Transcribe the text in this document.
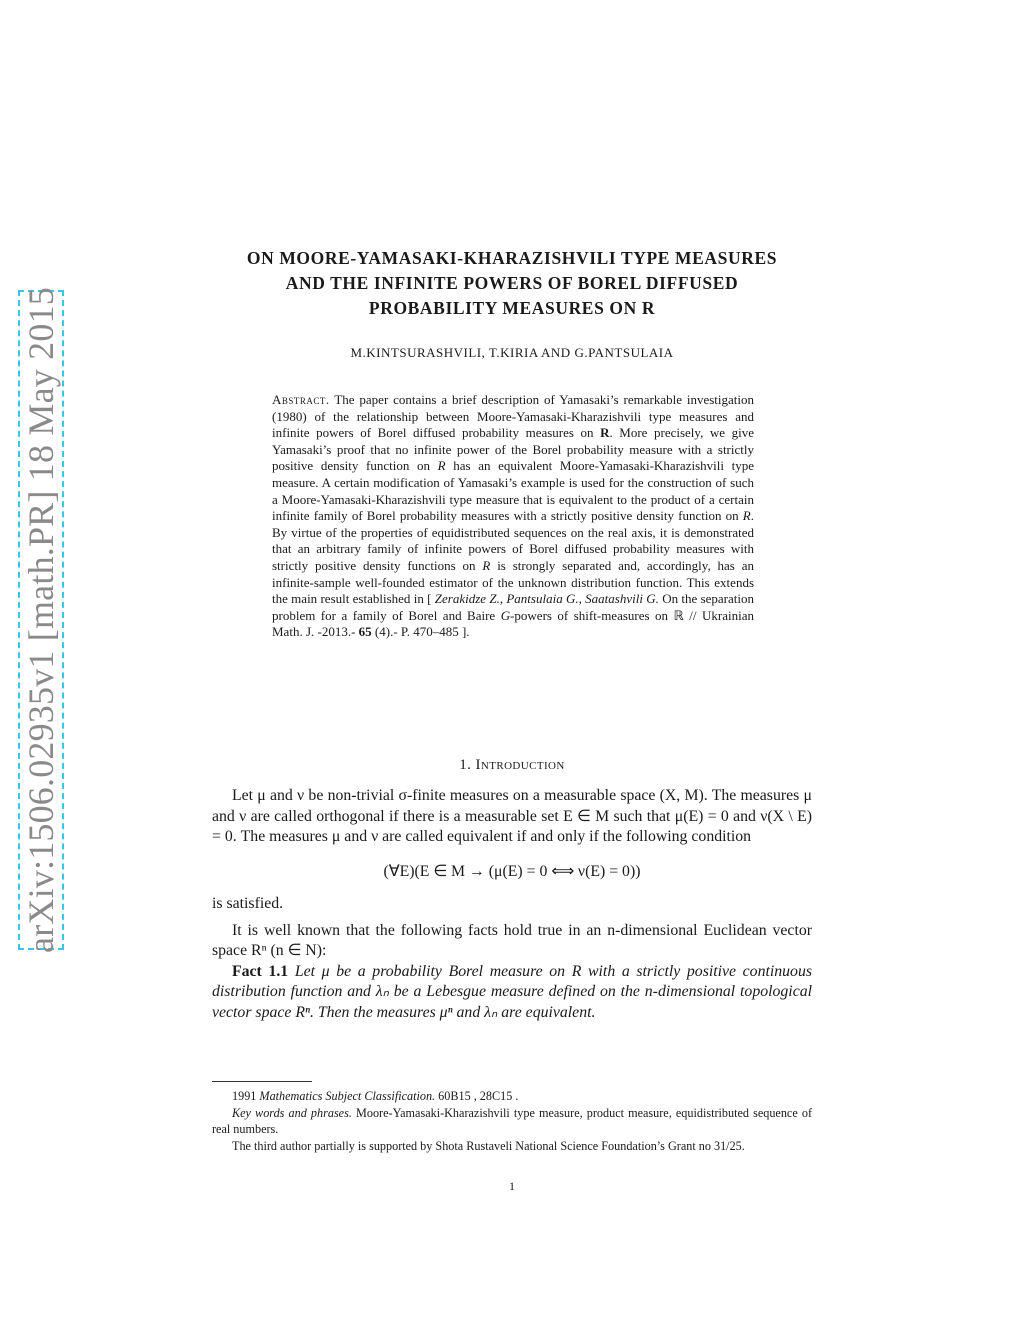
arXiv:1506.02935v1 [math.PR] 18 May 2015
ON MOORE-YAMASAKI-KHARAZISHVILI TYPE MEASURES
AND THE INFINITE POWERS OF BOREL DIFFUSED
PROBABILITY MEASURES ON R
M.KINTSURASHVILI, T.KIRIA AND G.PANTSULAIA
Abstract. The paper contains a brief description of Yamasaki’s remarkable investigation (1980) of the relationship between Moore-Yamasaki-Kharazishvili type measures and infinite powers of Borel diffused probability measures on R. More precisely, we give Yamasaki’s proof that no infinite power of the Borel probability measure with a strictly positive density function on R has an equivalent Moore-Yamasaki-Kharazishvili type measure. A certain modification of Yamasaki’s example is used for the construction of such a Moore-Yamasaki-Kharazishvili type measure that is equivalent to the product of a certain infinite family of Borel probability measures with a strictly positive density function on R. By virtue of the properties of equidistributed sequences on the real axis, it is demonstrated that an arbitrary family of infinite powers of Borel diffused probability measures with strictly positive density functions on R is strongly separated and, accordingly, has an infinite-sample well-founded estimator of the unknown distribution function. This extends the main result established in [ Zerakidze Z., Pantsulaia G., Saatashvili G. On the separation problem for a family of Borel and Baire G-powers of shift-measures on ℝ // Ukrainian Math. J. -2013.- 65 (4).- P. 470–485 ].
1. Introduction

Let μ and ν be non-trivial σ-finite measures on a measurable space (X, M). The measures μ and ν are called orthogonal if there is a measurable set E ∈ M such that μ(E) = 0 and ν(X \ E) = 0. The measures μ and ν are called equivalent if and only if the following condition

(∀E)(E ∈ M → (μ(E) = 0 ⟺ ν(E) = 0))

is satisfied.

It is well known that the following facts hold true in an n-dimensional Euclidean vector space Rⁿ (n ∈ N):

Fact 1.1 Let μ be a probability Borel measure on R with a strictly positive continuous distribution function and λₙ be a Lebesgue measure defined on the n-dimensional topological vector space Rⁿ. Then the measures μⁿ and λₙ are equivalent.

1991 Mathematics Subject Classification. 60B15 , 28C15 .

Key words and phrases. Moore-Yamasaki-Kharazishvili type measure, product measure, equidistributed sequence of real numbers.

The third author partially is supported by Shota Rustaveli National Science Foundation’s Grant no 31/25.

1
